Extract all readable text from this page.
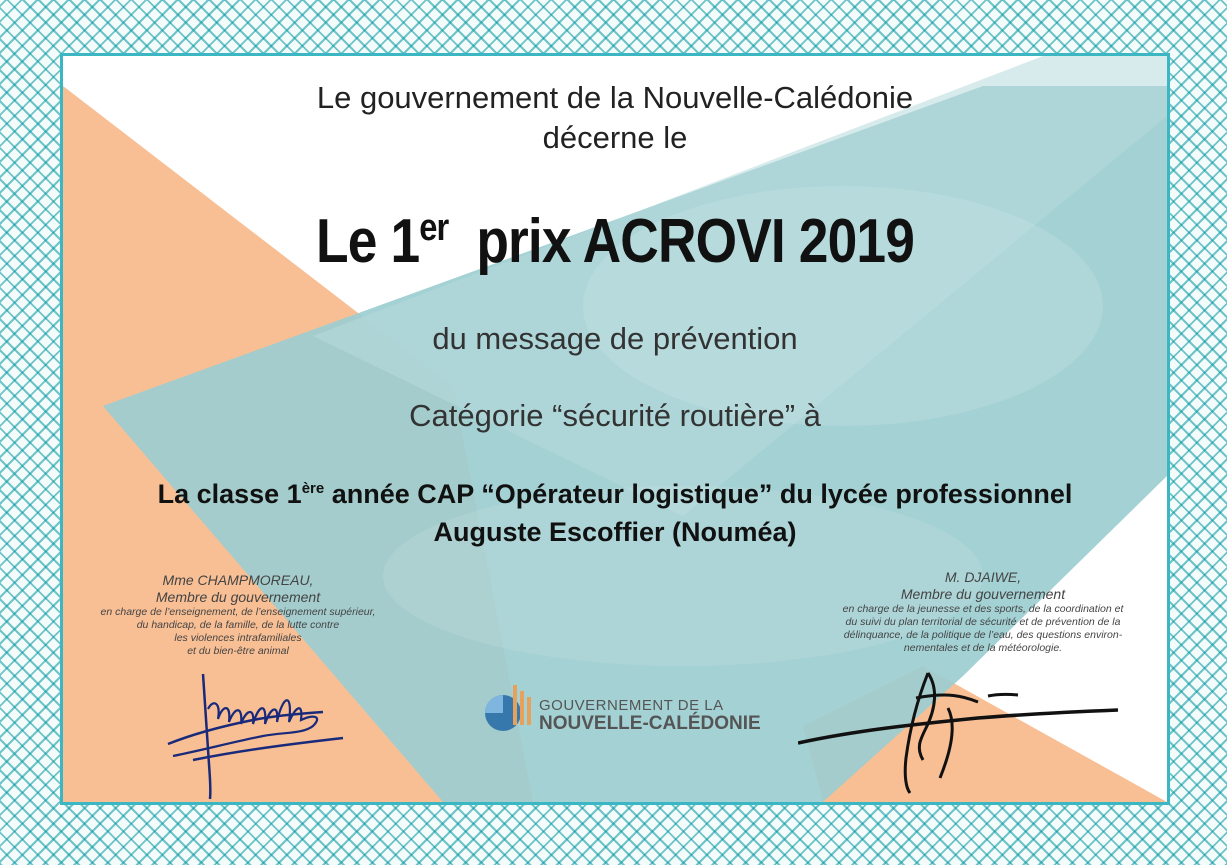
Le gouvernement de la Nouvelle-Calédonie
décerne le
Le 1er prix ACROVI 2019
du message de prévention
Catégorie “sécurité routière” à
La classe 1ère année CAP “Opérateur logistique” du lycée professionnel
Auguste Escoffier (Nouméa)
Mme CHAMPMOREAU,
Membre du gouvernement
en charge de l’enseignement, de l’enseignement supérieur,
du handicap, de la famille, de la lutte contre
les violences intrafamiliales
et du bien-être animal
M. DJAIWE,
Membre du gouvernement
en charge de la jeunesse et des sports, de la coordination et
du suivi du plan territorial de sécurité et de prévention de la
délinquance, de la politique de l’eau, des questions environ-
nementales et de la météorologie.
GOUVERNEMENT DE LA
NOUVELLE-CALÉDONIE
